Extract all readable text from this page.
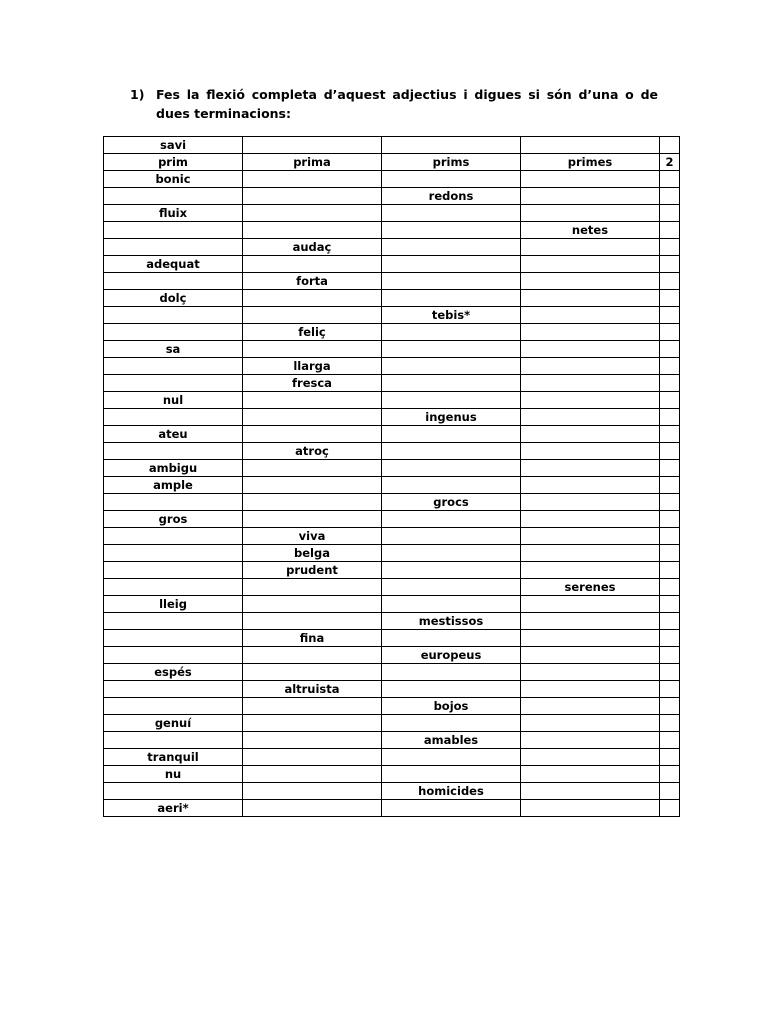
1) Fes la flexió completa d’aquest adjectius i digues si són d’una o de dues terminacions:
savi				
prim	prima	prims	primes	2
bonic				
		redons		
fluix				
			netes	
	audaç			
adequat				
	forta			
dolç				
		tebis*		
	feliç			
sa				
	llarga			
	fresca			
nul				
		ingenus		
ateu				
	atroç			
ambigu				
ample				
		grocs		
gros				
	viva			
	belga			
	prudent			
			serenes	
lleig				
		mestissos		
	fina			
		europeus		
espés				
	altruista			
		bojos		
genuí				
		amables		
tranquil				
nu				
		homicides		
aeri*				
